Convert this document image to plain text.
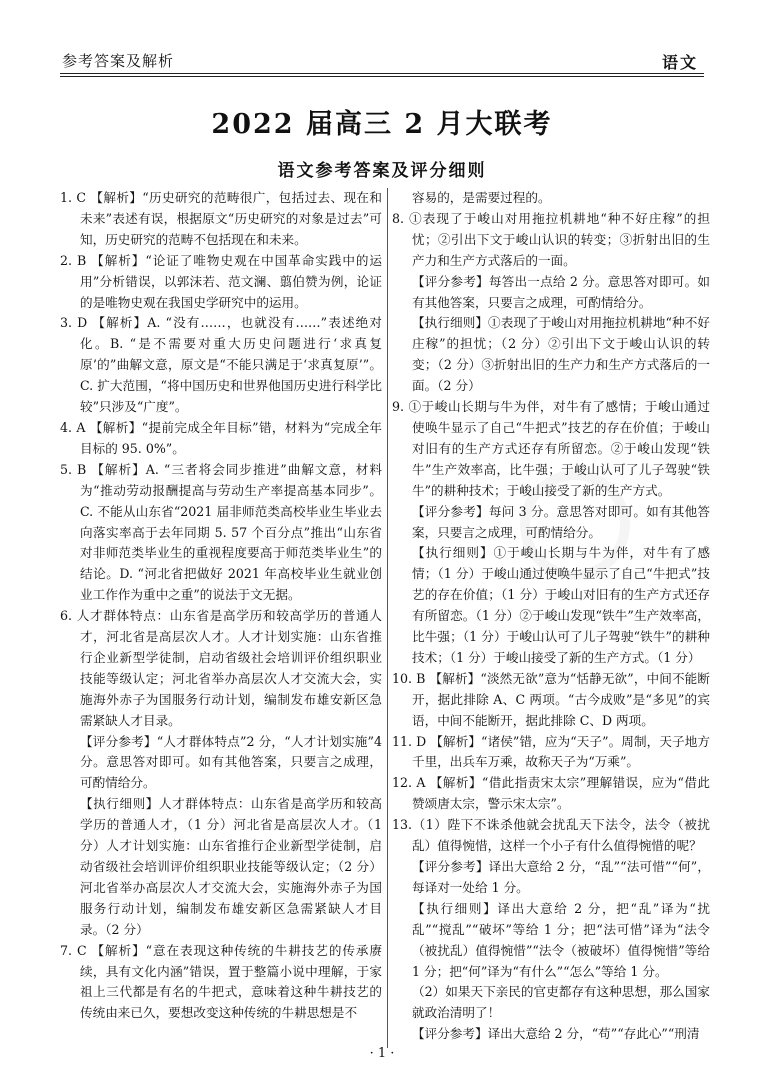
参考答案及解析	语文
2022 届高三 2 月大联考
语文参考答案及评分细则

1. C 【解析】“历史研究的范畴很广，包括过去、现在和未来”表述有误，根据原文“历史研究的对象是过去”可知，历史研究的范畴不包括现在和未来。

2. B 【解析】“论证了唯物史观在中国革命实践中的运用”分析错误，以郭沫若、范文澜、翦伯赞为例，论证的是唯物史观在我国史学研究中的运用。

3. D 【解析】A. “没有……，也就没有……”表述绝对化。B. “是不需要对重大历史问题进行‘求真复原’的”曲解文意，原文是“不能只满足于‘求真复原’”。C. 扩大范围，“将中国历史和世界他国历史进行科学比较”只涉及“广度”。

4. A 【解析】“提前完成全年目标”错，材料为“完成全年目标的 95. 0%”。

5. B 【解析】A. “三者将会同步推进”曲解文意，材料为“推动劳动报酬提高与劳动生产率提高基本同步”。C. 不能从山东省“2021 届非师范类高校毕业生毕业去向落实率高于去年同期 5. 57 个百分点”推出“山东省对非师范类毕业生的重视程度要高于师范类毕业生”的结论。D. “河北省把做好 2021 年高校毕业生就业创业工作作为重中之重”的说法于文无据。

6. 人才群体特点：山东省是高学历和较高学历的普通人才，河北省是高层次人才。人才计划实施：山东省推行企业新型学徒制，启动省级社会培训评价组织职业技能等级认定；河北省举办高层次人才交流大会，实施海外赤子为国服务行动计划，编制发布雄安新区急需紧缺人才目录。

【评分参考】“人才群体特点”2 分，“人才计划实施”4 分。意思答对即可。如有其他答案，只要言之成理，可酌情给分。

【执行细则】人才群体特点：山东省是高学历和较高学历的普通人才，（1 分）河北省是高层次人才。（1 分）人才计划实施：山东省推行企业新型学徒制，启动省级社会培训评价组织职业技能等级认定；（2 分）河北省举办高层次人才交流大会，实施海外赤子为国服务行动计划，编制发布雄安新区急需紧缺人才目录。（2 分）

7. C 【解析】“意在表现这种传统的牛耕技艺的传承赓续，具有文化内涵”错误，置于整篇小说中理解，于家祖上三代都是有名的牛把式，意味着这种牛耕技艺的传统由来已久，要想改变这种传统的牛耕思想是不

容易的，是需要过程的。

8. ①表现了于峻山对用拖拉机耕地“种不好庄稼”的担忧；②引出下文于峻山认识的转变；③折射出旧的生产力和生产方式落后的一面。

【评分参考】每答出一点给 2 分。意思答对即可。如有其他答案，只要言之成理，可酌情给分。

【执行细则】①表现了于峻山对用拖拉机耕地“种不好庄稼”的担忧；（2 分）②引出下文于峻山认识的转变；（2 分）③折射出旧的生产力和生产方式落后的一面。（2 分）

9. ①于峻山长期与牛为伴，对牛有了感情；于峻山通过使唤牛显示了自己“牛把式”技艺的存在价值；于峻山对旧有的生产方式还存有所留恋。②于峻山发现“铁牛”生产效率高，比牛强；于峻山认可了儿子驾驶“铁牛”的耕种技术；于峻山接受了新的生产方式。

【评分参考】每问 3 分。意思答对即可。如有其他答案，只要言之成理，可酌情给分。

【执行细则】①于峻山长期与牛为伴，对牛有了感情；（1 分）于峻山通过使唤牛显示了自己“牛把式”技艺的存在价值；（1 分）于峻山对旧有的生产方式还存有所留恋。（1 分）②于峻山发现“铁牛”生产效率高，比牛强；（1 分）于峻山认可了儿子驾驶“铁牛”的耕种技术；（1 分）于峻山接受了新的生产方式。（1 分）

10. B 【解析】“淡然无欲”意为“恬静无欲”，中间不能断开，据此排除 A、C 两项。“古今成败”是“多见”的宾语，中间不能断开，据此排除 C、D 两项。

11. D 【解析】“诸侯”错，应为“天子”。周制，天子地方千里，出兵车万乘，故称天子为“万乘”。

12. A 【解析】“借此指责宋太宗”理解错误，应为“借此赞颂唐太宗，警示宋太宗”。

13.（1）陛下不诛杀他就会扰乱天下法令，法令（被扰乱）值得惋惜，这样一个小子有什么值得惋惜的呢？

【评分参考】译出大意给 2 分，“乱”“法可惜”“何”，每译对一处给 1 分。

【执行细则】译出大意给 2 分，把“乱”译为“扰乱”“搅乱”“破坏”等给 1 分；把“法可惜”译为“法令（被扰乱）值得惋惜”“法令（被破坏）值得惋惜”等给 1 分；把“何”译为“有什么”“怎么”等给 1 分。

（2）如果天下亲民的官吏都存有这种思想，那么国家就政治清明了！

【评分参考】译出大意给 2 分，“苟”“存此心”“刑清

· 1 ·
